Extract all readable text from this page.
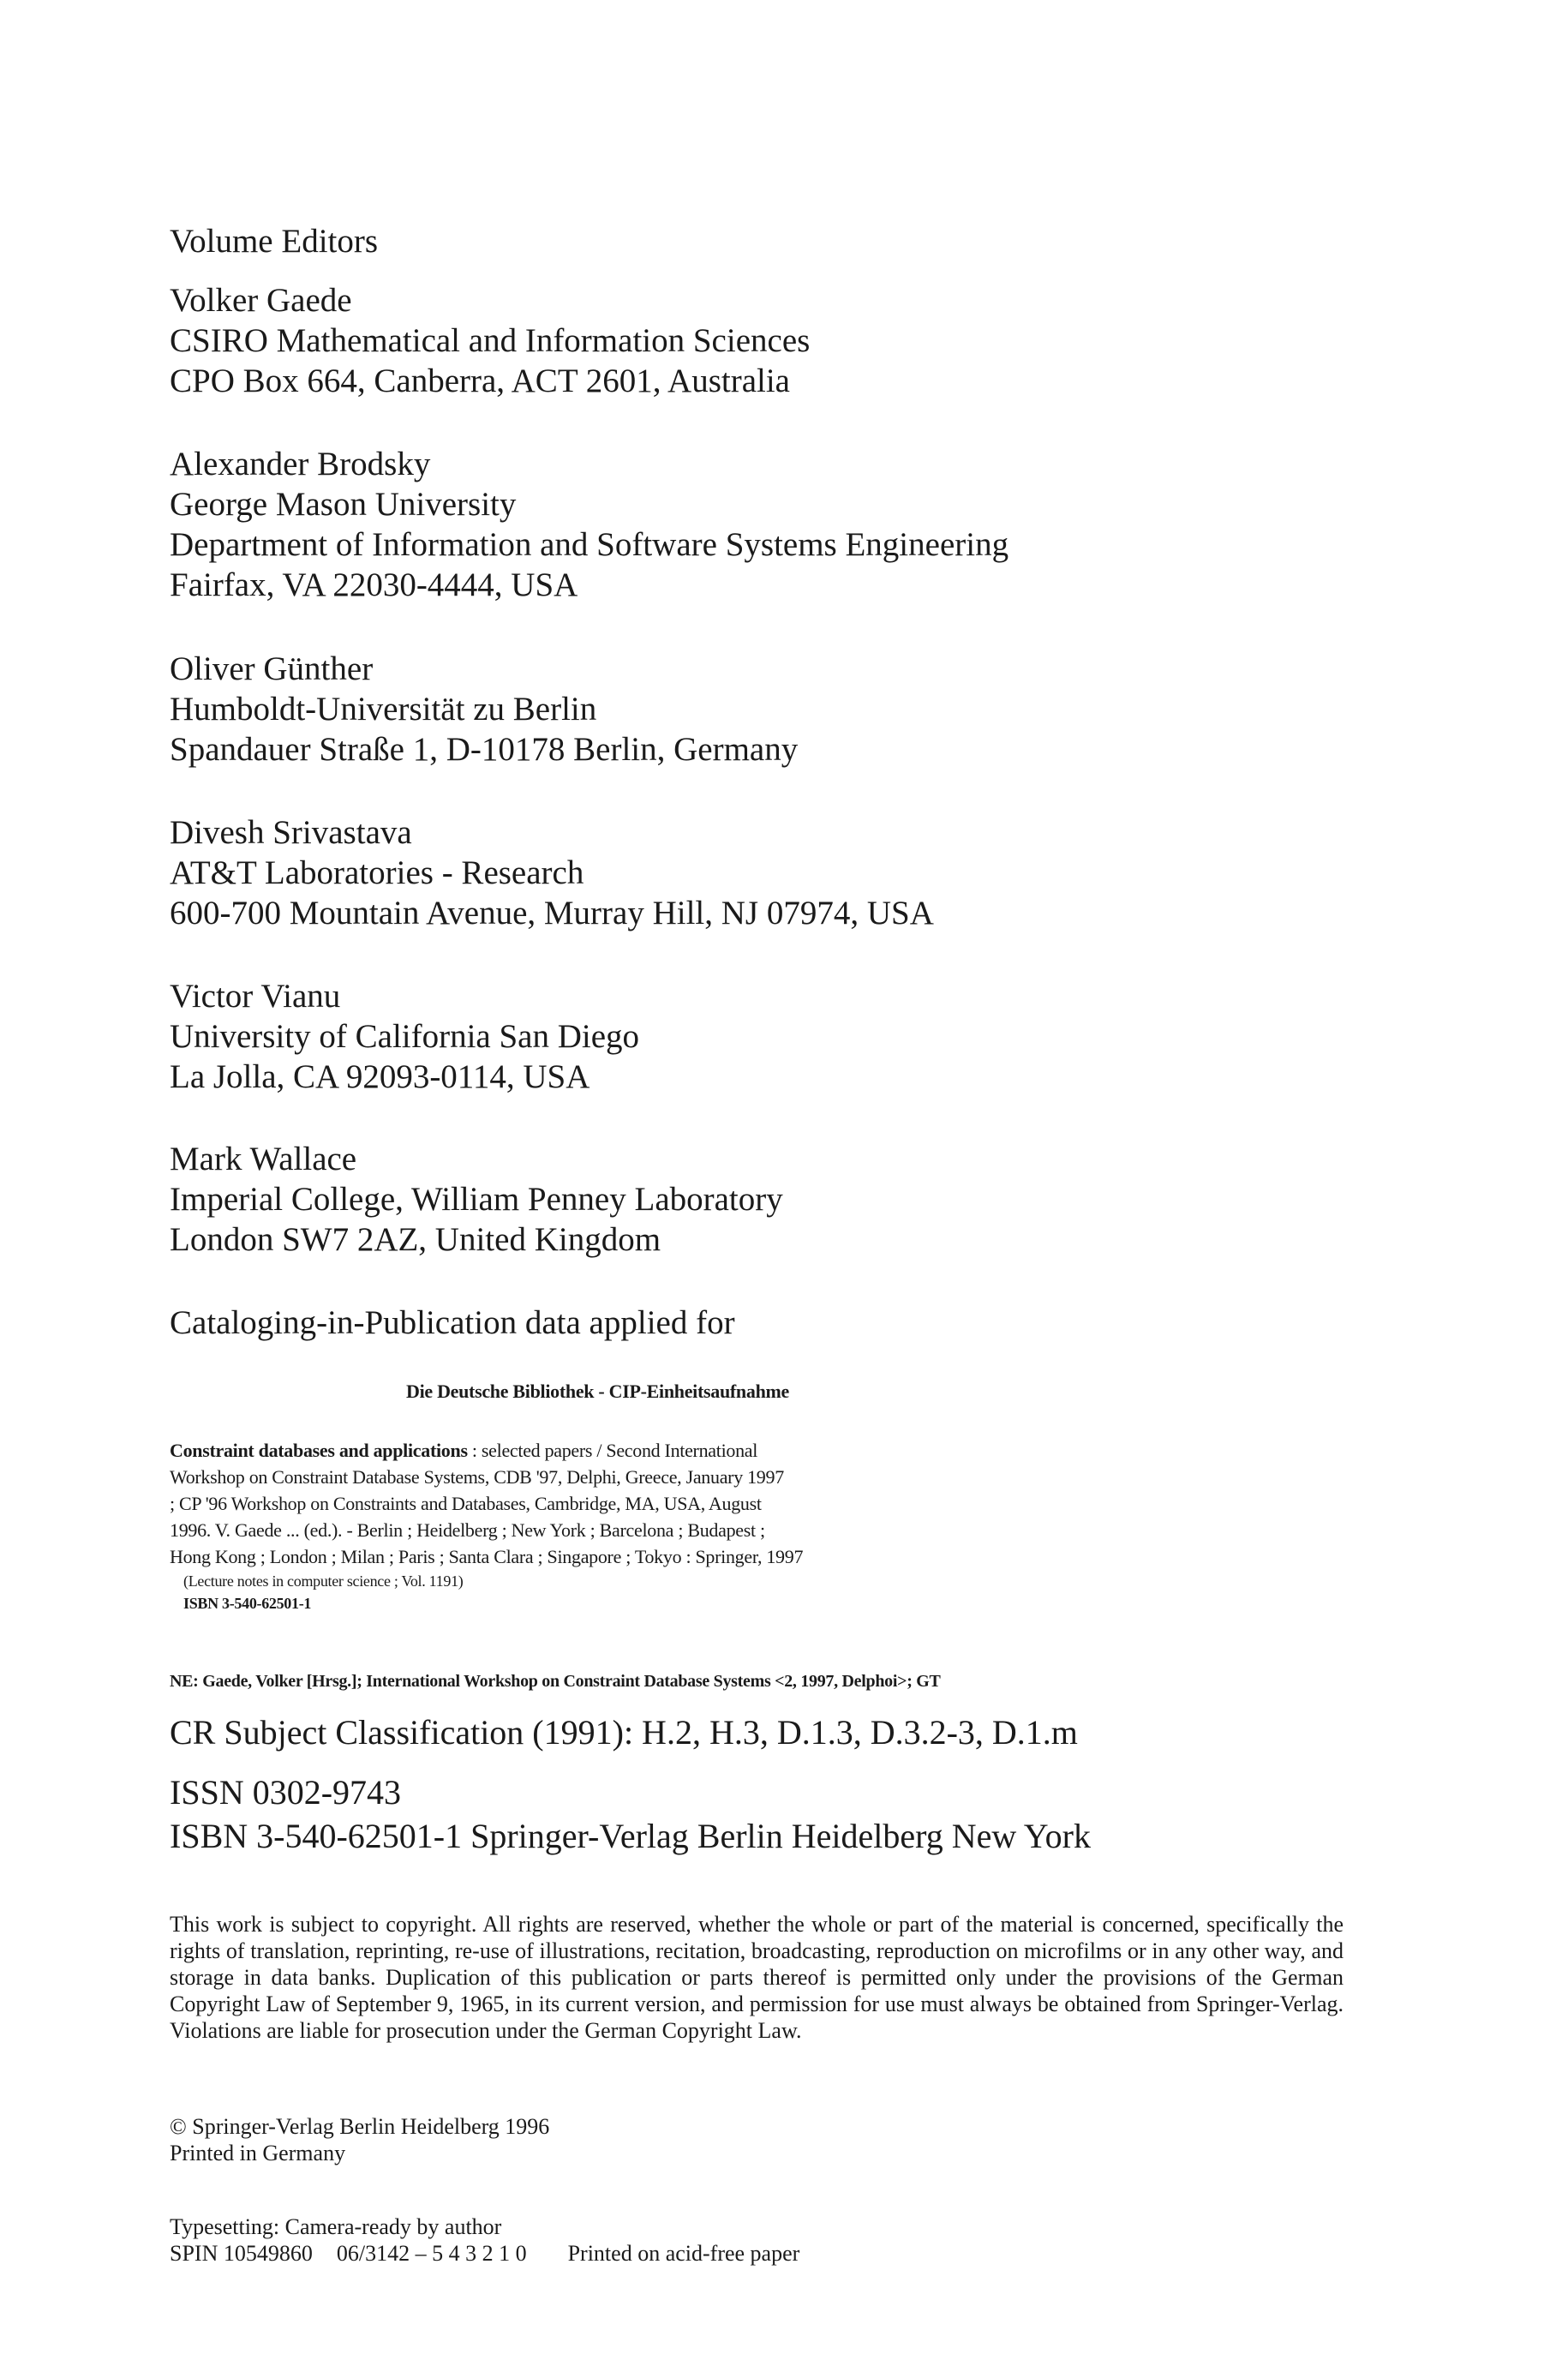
Volume Editors
Volker Gaede
CSIRO Mathematical and Information Sciences
CPO Box 664, Canberra, ACT 2601, Australia
Alexander Brodsky
George Mason University
Department of Information and Software Systems Engineering
Fairfax, VA 22030-4444, USA
Oliver Günther
Humboldt-Universität zu Berlin
Spandauer Straße 1, D-10178 Berlin, Germany
Divesh Srivastava
AT&T Laboratories - Research
600-700 Mountain Avenue, Murray Hill, NJ 07974, USA
Victor Vianu
University of California San Diego
La Jolla, CA 92093-0114, USA
Mark Wallace
Imperial College, William Penney Laboratory
London SW7 2AZ, United Kingdom
Cataloging-in-Publication data applied for
Die Deutsche Bibliothek - CIP-Einheitsaufnahme
Constraint databases and applications : selected papers / Second International
Workshop on Constraint Database Systems, CDB '97, Delphi, Greece, January 1997
; CP '96 Workshop on Constraints and Databases, Cambridge, MA, USA, August
1996. V. Gaede ... (ed.). - Berlin ; Heidelberg ; New York ; Barcelona ; Budapest ;
Hong Kong ; London ; Milan ; Paris ; Santa Clara ; Singapore ; Tokyo : Springer, 1997
(Lecture notes in computer science ; Vol. 1191)
ISBN 3-540-62501-1
NE: Gaede, Volker [Hrsg.]; International Workshop on Constraint Database Systems <2, 1997, Delphoi>; GT
CR Subject Classification (1991): H.2, H.3, D.1.3, D.3.2-3, D.1.m
ISSN 0302-9743
ISBN 3-540-62501-1 Springer-Verlag Berlin Heidelberg New York
This work is subject to copyright. All rights are reserved, whether the whole or part of the material is concerned, specifically the rights of translation, reprinting, re-use of illustrations, recitation, broadcasting, reproduction on microfilms or in any other way, and storage in data banks. Duplication of this publication or parts thereof is permitted only under the provisions of the German Copyright Law of September 9, 1965, in its current version, and permission for use must always be obtained from Springer-Verlag. Violations are liable for prosecution under the German Copyright Law.
© Springer-Verlag Berlin Heidelberg 1996
Printed in Germany
Typesetting: Camera-ready by author
SPIN 10549860 06/3142 – 5 4 3 2 1 0 Printed on acid-free paper
